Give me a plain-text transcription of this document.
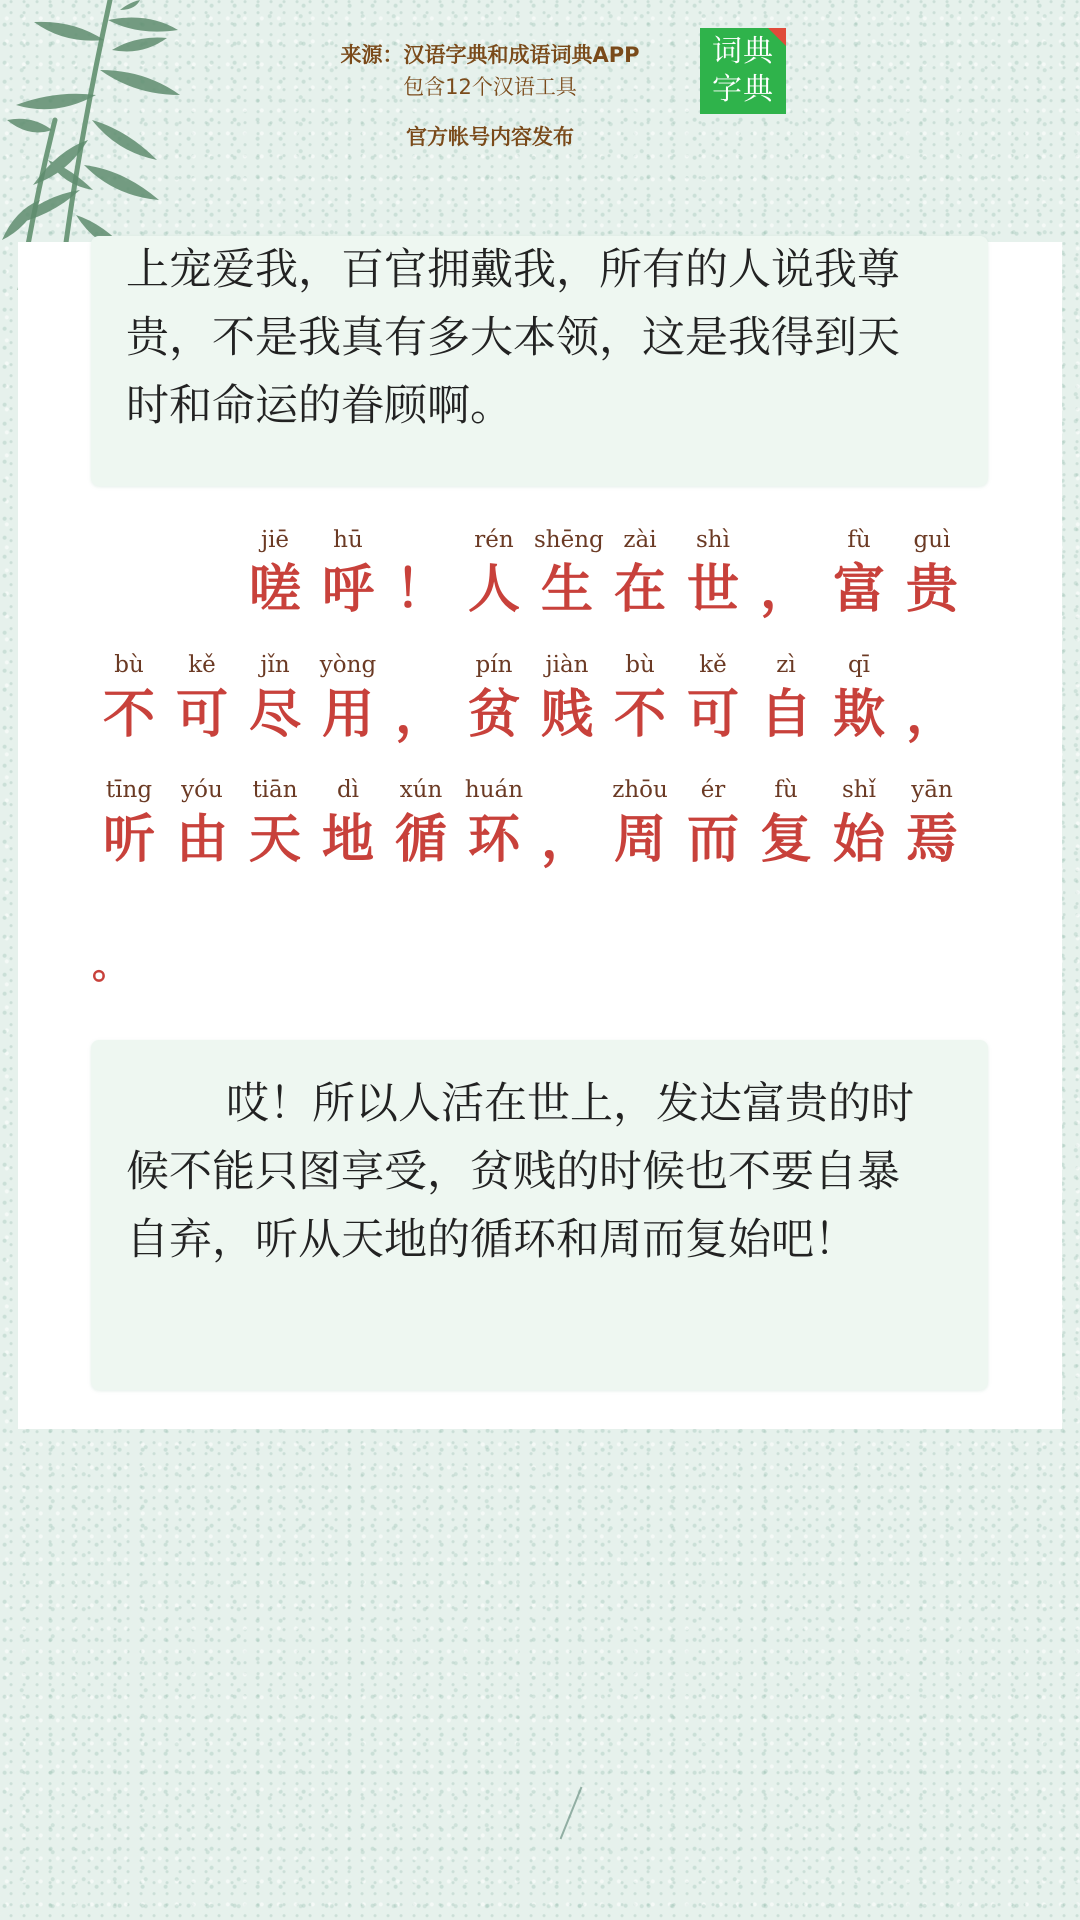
来源：汉语字典和成语词典APP
包含12个汉语工具
官方帐号内容发布
词典
字典
上宠爱我，百官拥戴我，所有的人说我尊贵，不是我真有多大本领，这是我得到天时和命运的眷顾啊。
jiē
嗟
hū
呼 ！
rén
人
shēng
生
zài
在
shì
世 ，
fù
富
guì
贵
bù
不
kě
可
jǐn
尽
yòng
用 ，
pín
贫
jiàn
贱
bù
不
kě
可
zì
自
qī
欺 ，
tīng
听
yóu
由
tiān
天
dì
地
xún
循
huán
环 ，
zhōu
周
ér
而
fù
复
shǐ
始
yān
焉
。
哎！所以人活在世上，发达富贵的时候不能只图享受，贫贱的时候也不要自暴自弃，听从天地的循环和周而复始吧！
